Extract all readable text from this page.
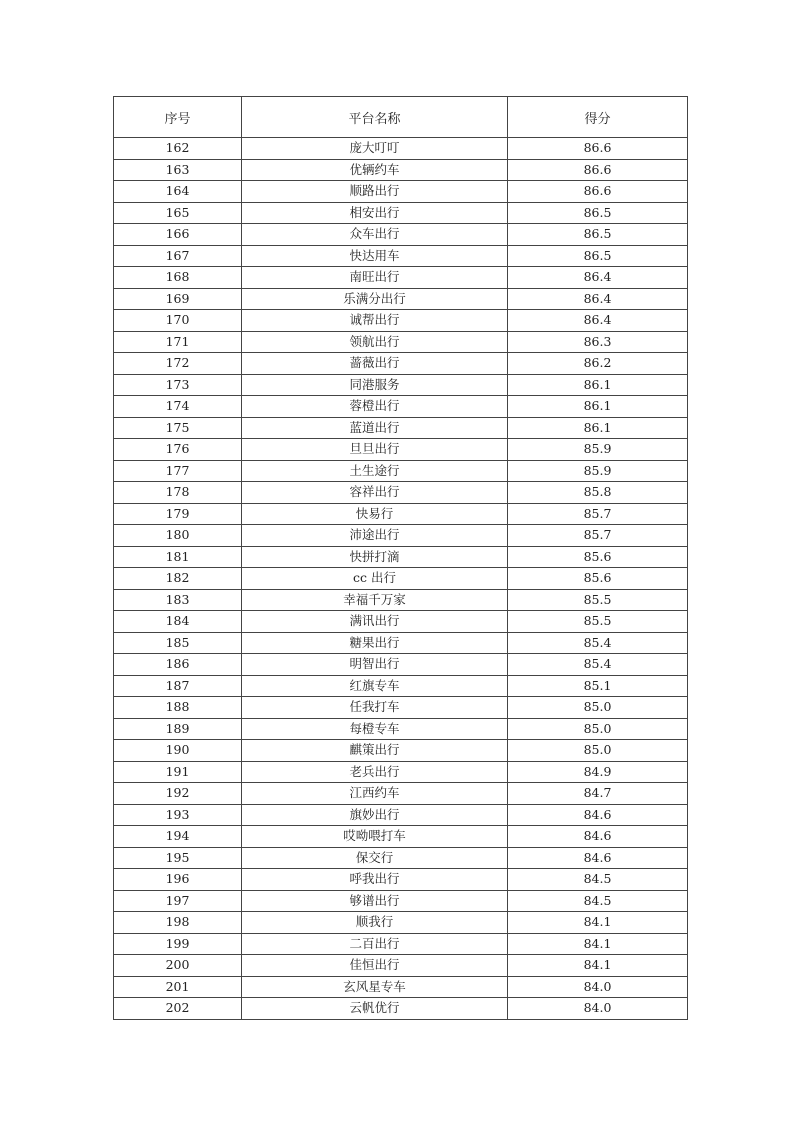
序号	平台名称	得分
162	庞大叮叮	86.6
163	优辆约车	86.6
164	顺路出行	86.6
165	相安出行	86.5
166	众车出行	86.5
167	快达用车	86.5
168	南旺出行	86.4
169	乐满分出行	86.4
170	诚帮出行	86.4
171	领航出行	86.3
172	蔷薇出行	86.2
173	同港服务	86.1
174	蓉橙出行	86.1
175	蓝道出行	86.1
176	旦旦出行	85.9
177	土生途行	85.9
178	容祥出行	85.8
179	快易行	85.7
180	沛途出行	85.7
181	快拼打滴	85.6
182	cc 出行	85.6
183	幸福千万家	85.5
184	满讯出行	85.5
185	糖果出行	85.4
186	明智出行	85.4
187	红旗专车	85.1
188	任我打车	85.0
189	每橙专车	85.0
190	麒策出行	85.0
191	老兵出行	84.9
192	江西约车	84.7
193	旗妙出行	84.6
194	哎呦喂打车	84.6
195	保交行	84.6
196	呼我出行	84.5
197	够谱出行	84.5
198	顺我行	84.1
199	二百出行	84.1
200	佳恒出行	84.1
201	玄风星专车	84.0
202	云帆优行	84.0
